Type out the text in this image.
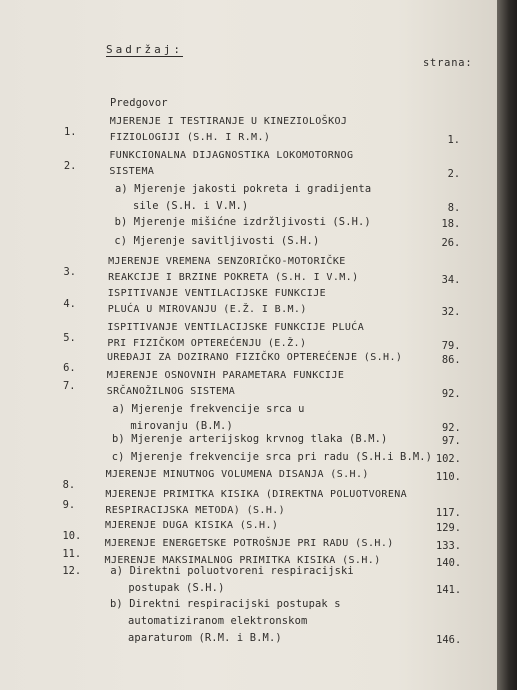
Sadržaj:
strana:
Predgovor
1.
MJERENJE I TESTIRANJE U KINEZIOLOŠKOJ
FIZIOLOGIJI (S.H. I R.M.)	1.
2.
FUNKCIONALNA DIJAGNOSTIKA LOKOMOTORNOG
SISTEMA	2.
a) Mjerenje jakosti pokreta i gradijenta
sile (S.H. i V.M.)	8.
b) Mjerenje mišićne izdržljivosti (S.H.)	18.
c) Mjerenje savitljivosti (S.H.)	26.
3.
MJERENJE VREMENA SENZORIČKO-MOTORIČKE
REAKCIJE I BRZINE POKRETA (S.H. I V.M.)	34.
4.
ISPITIVANJE VENTILACIJSKE FUNKCIJE
PLUĆA U MIROVANJU (E.Ž. I B.M.)	32.
5.
ISPITIVANJE VENTILACIJSKE FUNKCIJE PLUĆA
PRI FIZIČKOM OPTEREĆENJU (E.Ž.)	79.
6.
UREĐAJI ZA DOZIRANO FIZIČKO OPTEREĆENJE (S.H.)	86.
7.
MJERENJE OSNOVNIH PARAMETARA FUNKCIJE
SRČANOŽILNOG SISTEMA	92.
a) Mjerenje frekvencije srca u
mirovanju (B.M.)	92.
b) Mjerenje arterijskog krvnog tlaka (B.M.)	97.
c) Mjerenje frekvencije srca pri radu (S.H.i B.M.) 102.
8.
MJERENJE MINUTNOG VOLUMENA DISANJA (S.H.)	110.
9.
MJERENJE PRIMITKA KISIKA (DIREKTNA POLUOTVORENA
RESPIRACIJSKA METODA) (S.H.)	117.
10.
MJERENJE DUGA KISIKA (S.H.)	129.
11.
MJERENJE ENERGETSKE POTROŠNJE PRI RADU (S.H.)	133.
12.
MJERENJE MAKSIMALNOG PRIMITKA KISIKA (S.H.)	140.
a) Direktni poluotvoreni respiracijski
postupak (S.H.)	141.
b) Direktni respiracijski postupak s
automatiziranom elektronskom
aparaturom (R.M. i B.M.)	146.
